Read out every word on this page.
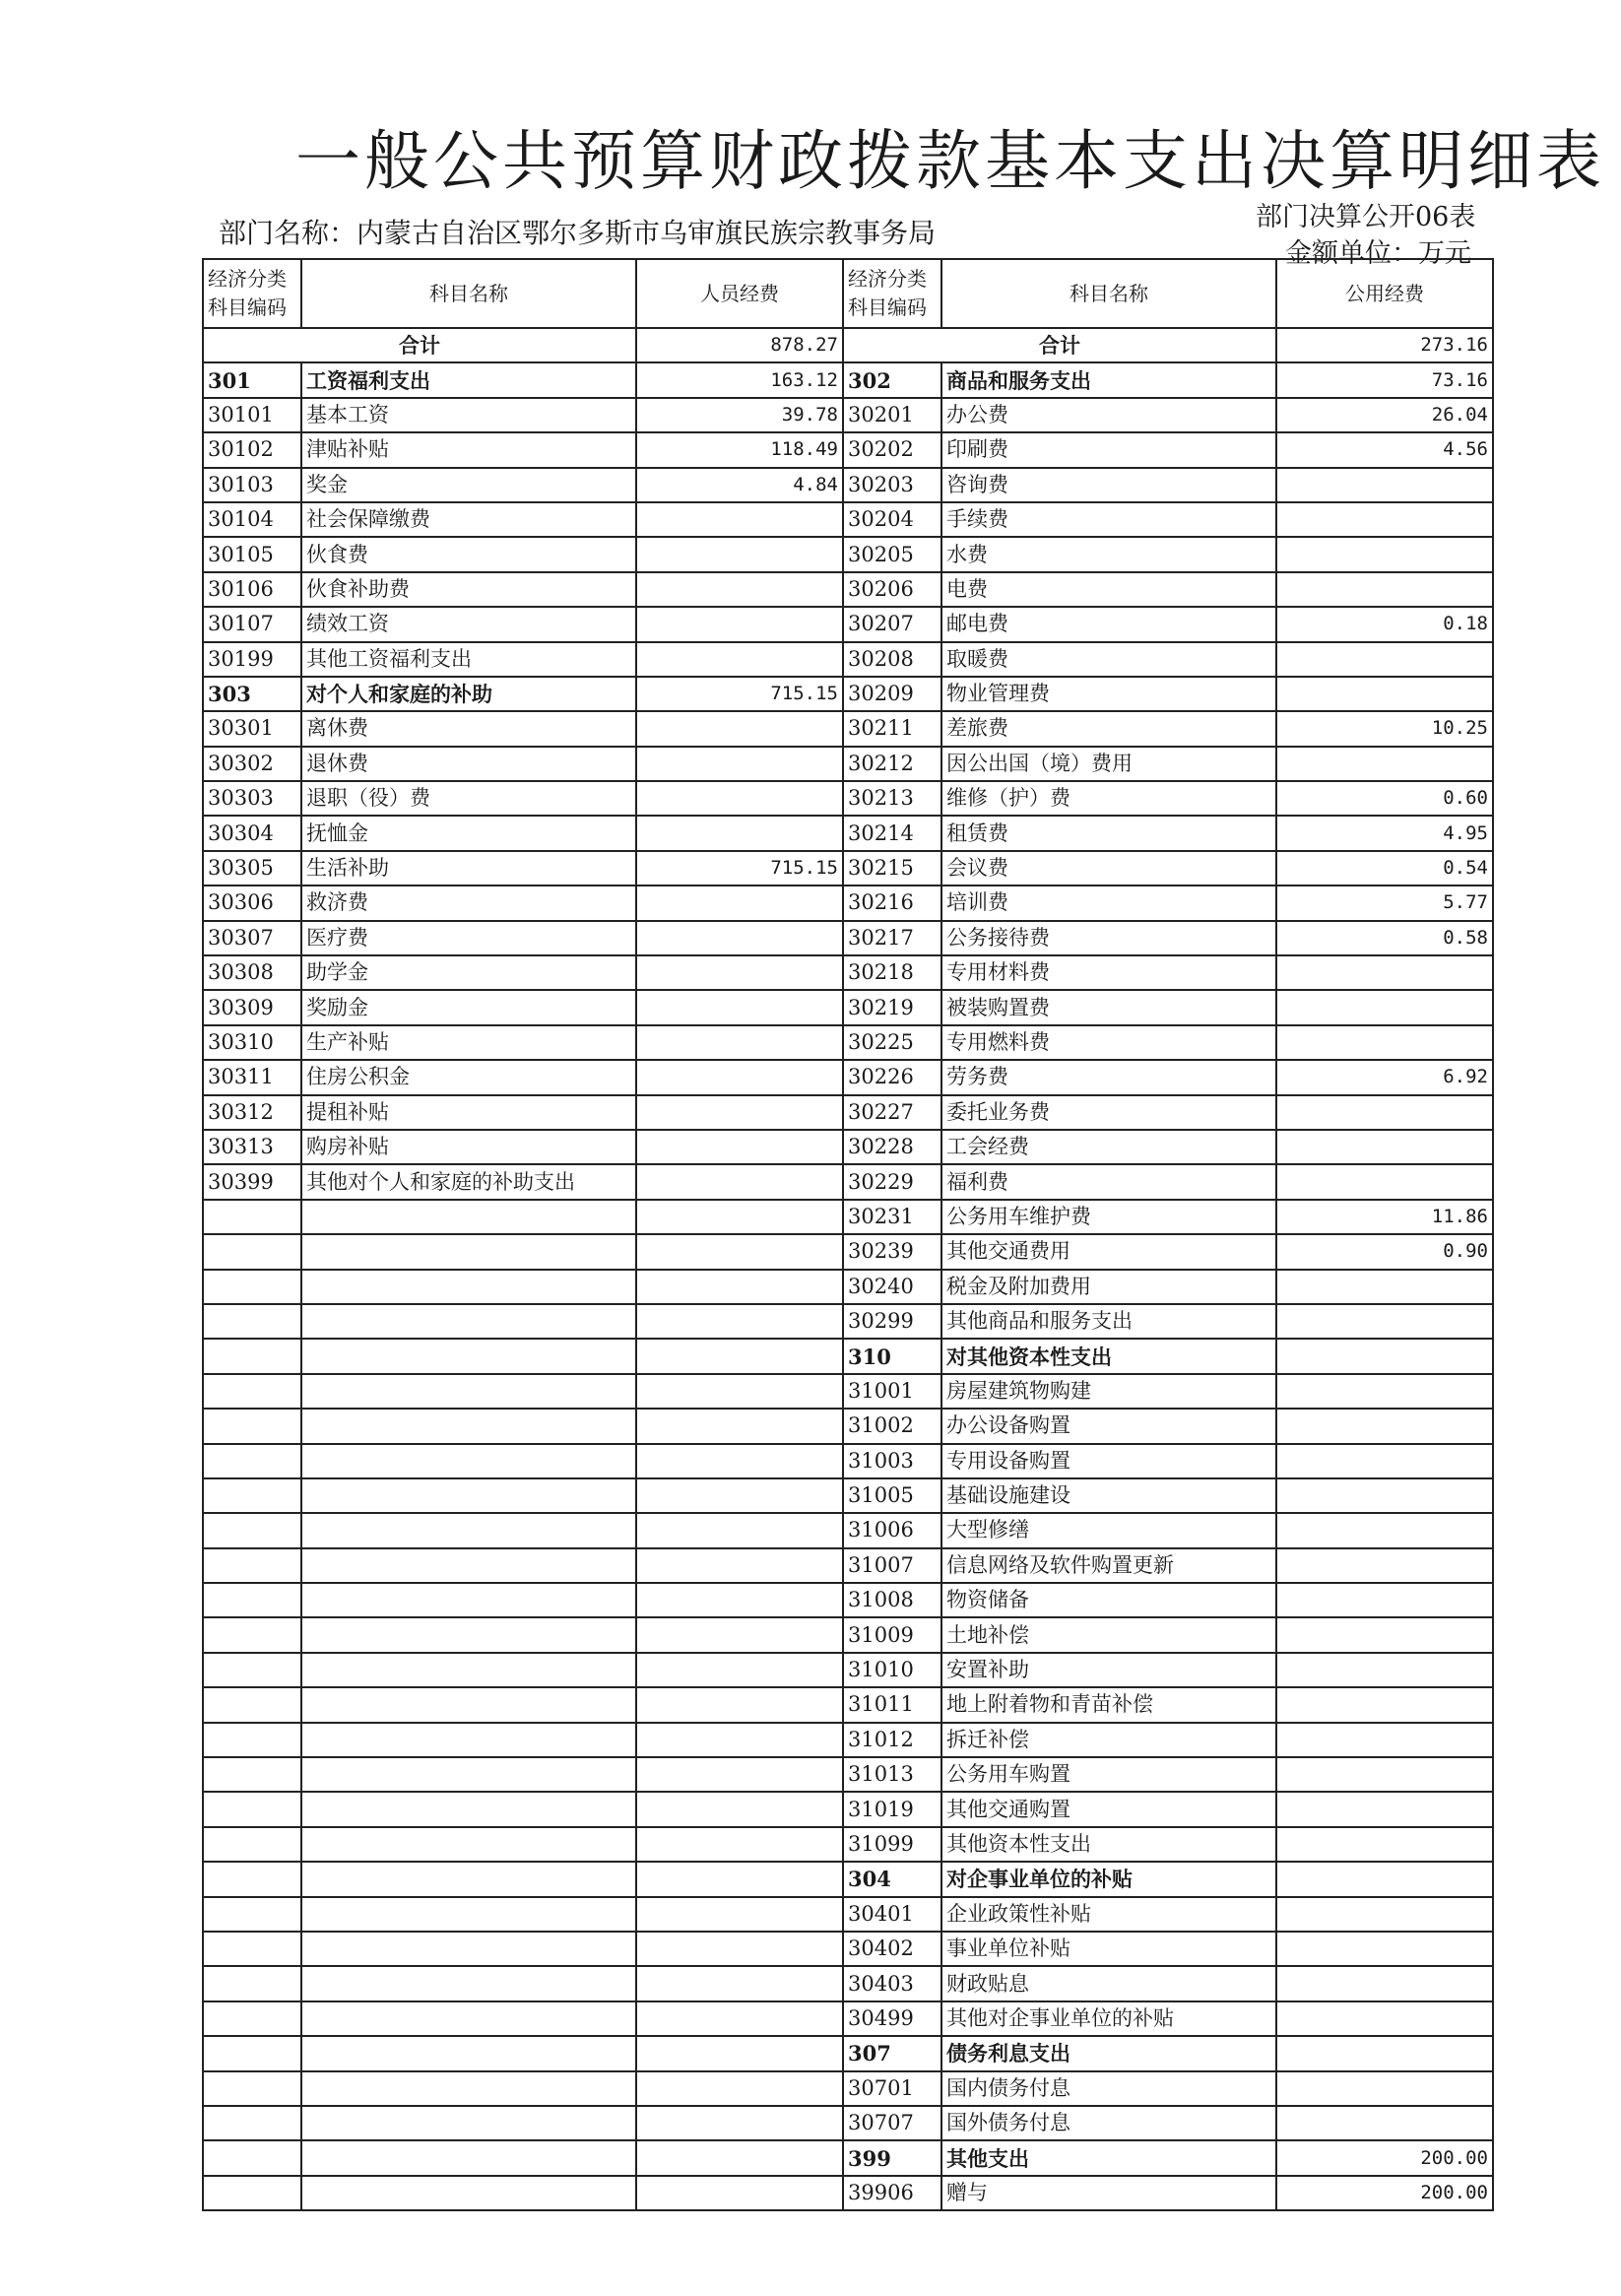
一般公共预算财政拨款基本支出决算明细表
部门名称：内蒙古自治区鄂尔多斯市乌审旗民族宗教事务局	部门决算公开06表
金额单位：万元
经济分类
科目编码	科目名称	人员经费	经济分类
科目编码	科目名称	公用经费
合计		878.27	合计		273.16
301	工资福利支出	163.12	302	商品和服务支出	73.16
30101	基本工资	39.78	30201	办公费	26.04
30102	津贴补贴	118.49	30202	印刷费	4.56
30103	奖金	4.84	30203	咨询费	
30104	社会保障缴费		30204	手续费	
30105	伙食费		30205	水费	
30106	伙食补助费		30206	电费	
30107	绩效工资		30207	邮电费	0.18
30199	其他工资福利支出		30208	取暖费	
303	对个人和家庭的补助	715.15	30209	物业管理费	
30301	离休费		30211	差旅费	10.25
30302	退休费		30212	因公出国（境）费用	
30303	退职（役）费		30213	维修（护）费	0.60
30304	抚恤金		30214	租赁费	4.95
30305	生活补助	715.15	30215	会议费	0.54
30306	救济费		30216	培训费	5.77
30307	医疗费		30217	公务接待费	0.58
30308	助学金		30218	专用材料费	
30309	奖励金		30219	被装购置费	
30310	生产补贴		30225	专用燃料费	
30311	住房公积金		30226	劳务费	6.92
30312	提租补贴		30227	委托业务费	
30313	购房补贴		30228	工会经费	
30399	其他对个人和家庭的补助支出		30229	福利费	
			30231	公务用车维护费	11.86
			30239	其他交通费用	0.90
			30240	税金及附加费用	
			30299	其他商品和服务支出	
			310	对其他资本性支出	
			31001	房屋建筑物购建	
			31002	办公设备购置	
			31003	专用设备购置	
			31005	基础设施建设	
			31006	大型修缮	
			31007	信息网络及软件购置更新	
			31008	物资储备	
			31009	土地补偿	
			31010	安置补助	
			31011	地上附着物和青苗补偿	
			31012	拆迁补偿	
			31013	公务用车购置	
			31019	其他交通购置	
			31099	其他资本性支出	
			304	对企事业单位的补贴	
			30401	企业政策性补贴	
			30402	事业单位补贴	
			30403	财政贴息	
			30499	其他对企事业单位的补贴	
			307	债务利息支出	
			30701	国内债务付息	
			30707	国外债务付息	
			399	其他支出	200.00
			39906	赠与	200.00
